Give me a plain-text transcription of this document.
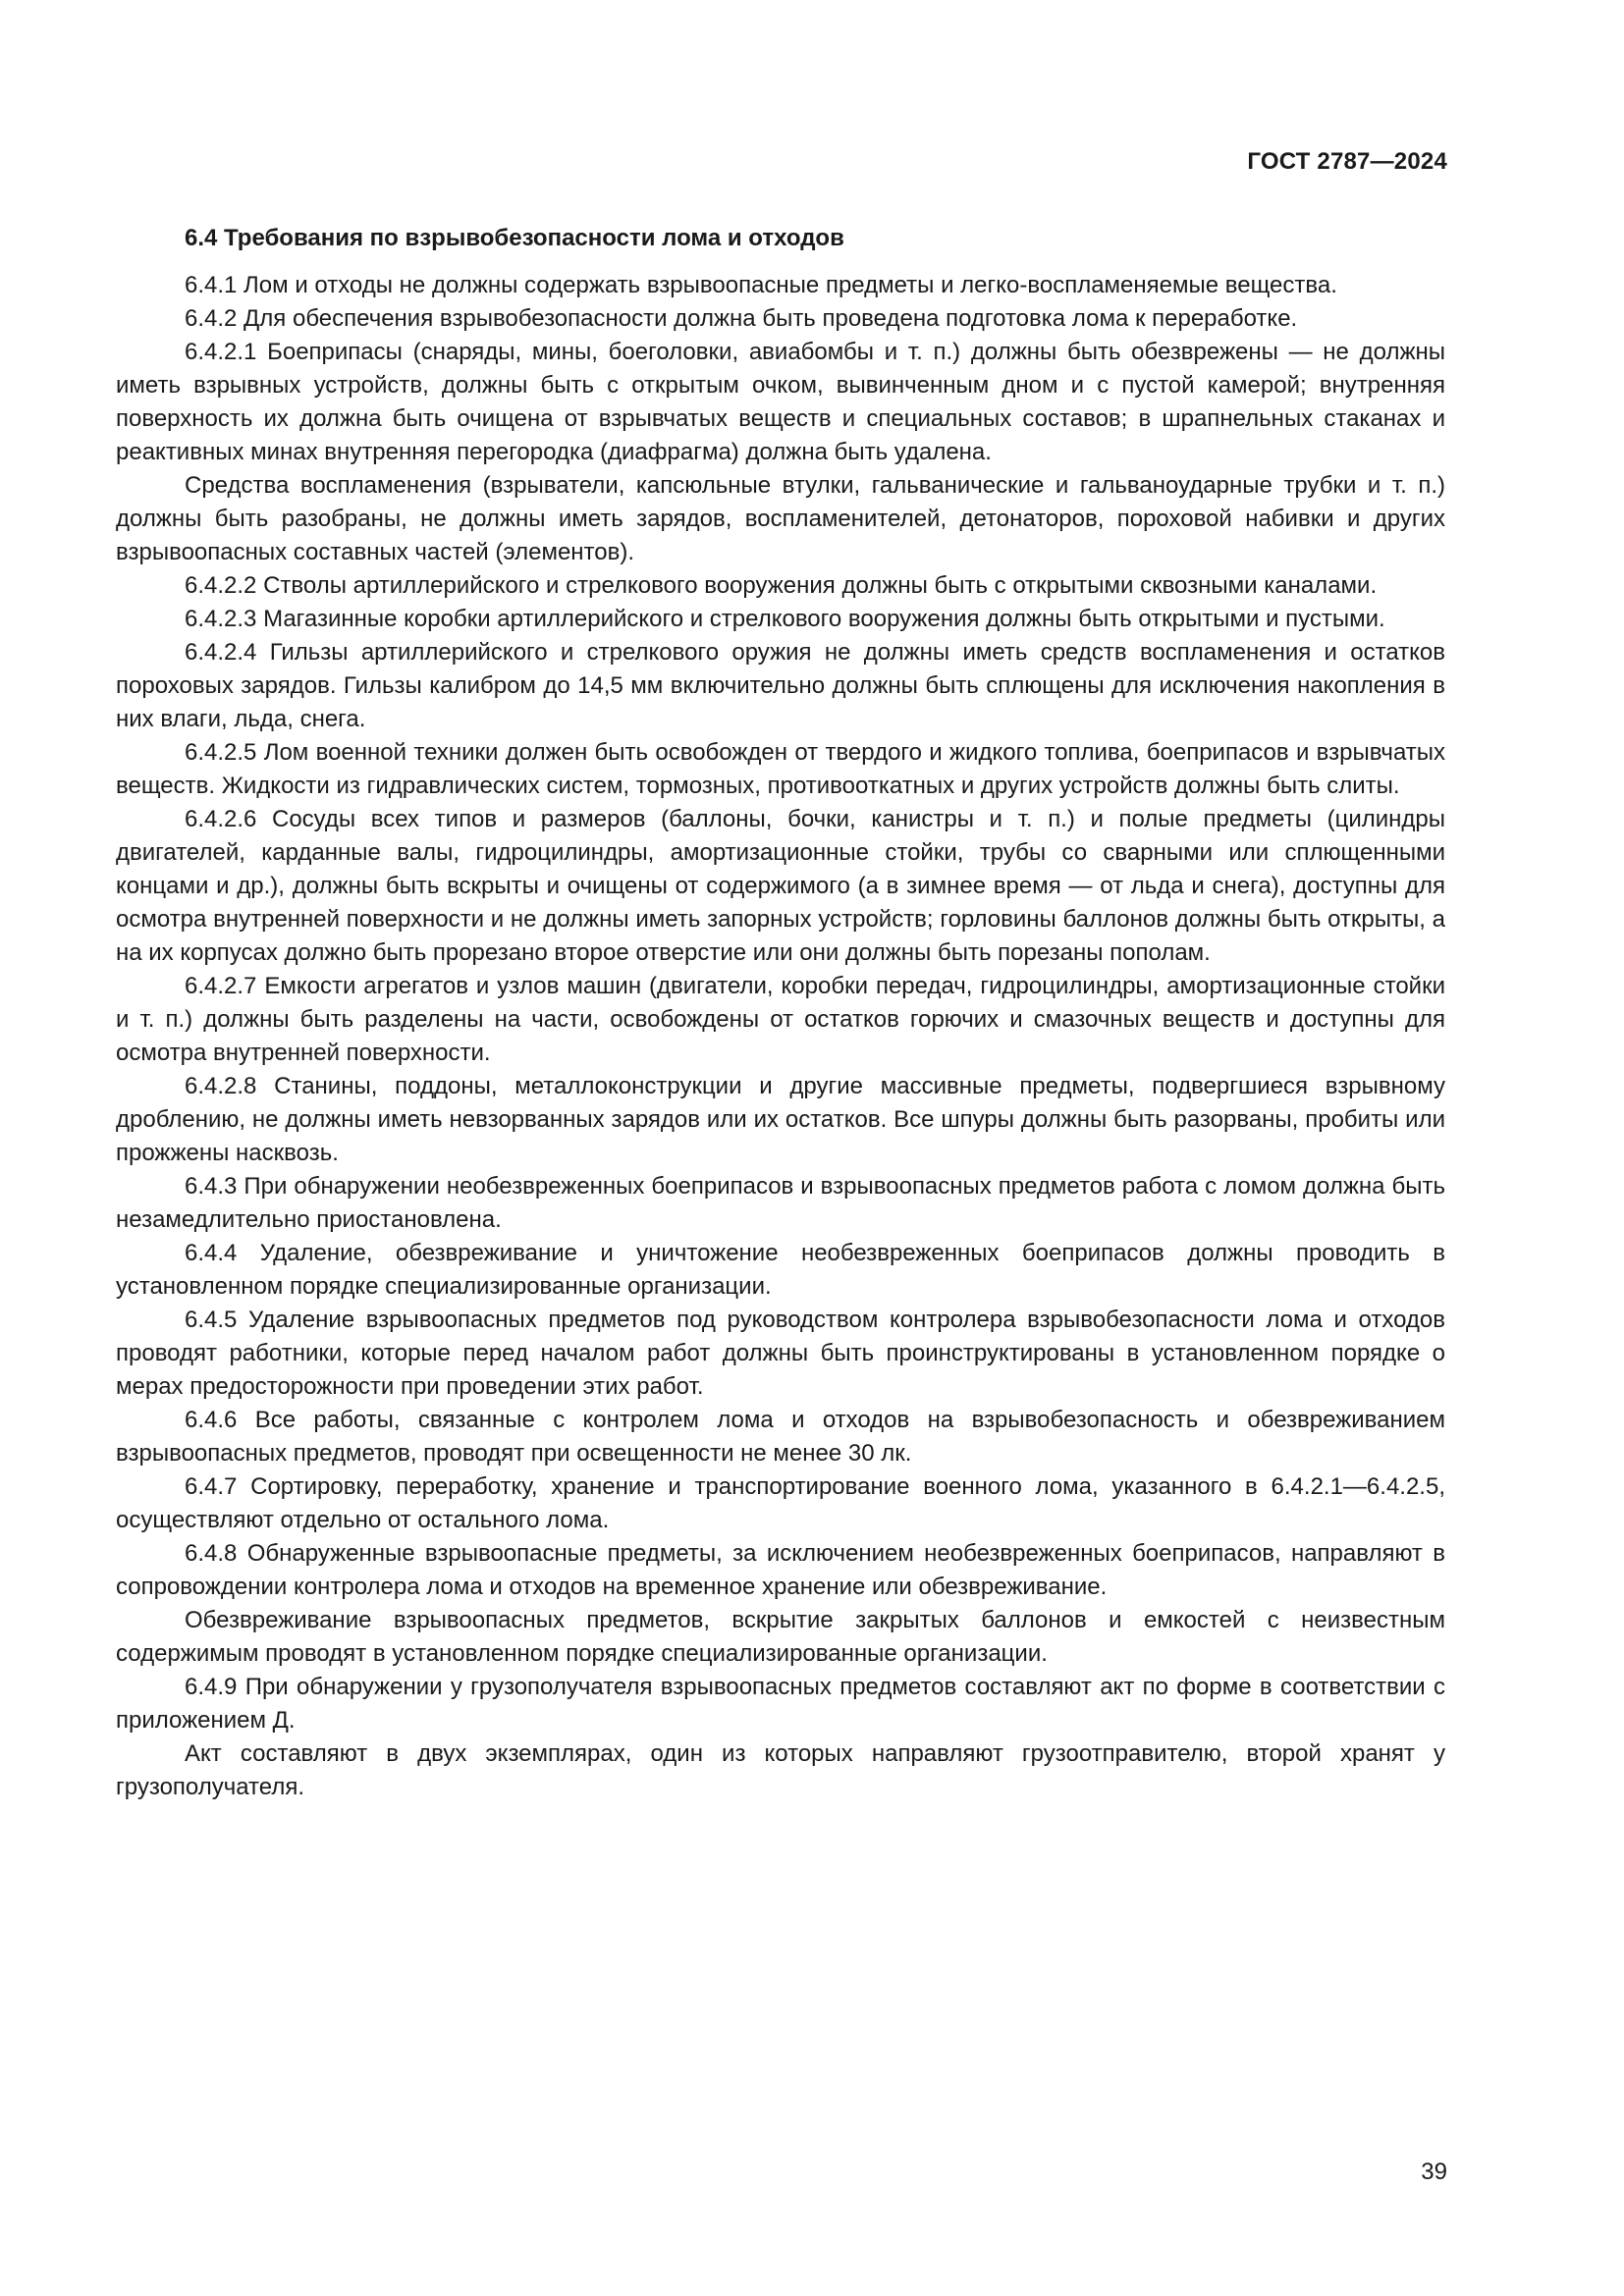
ГОСТ 2787—2024
6.4 Требования по взрывобезопасности лома и отходов

6.4.1 Лом и отходы не должны содержать взрывоопасные предметы и легко-воспламеняемые вещества.

6.4.2 Для обеспечения взрывобезопасности должна быть проведена подготовка лома к переработке.

6.4.2.1 Боеприпасы (снаряды, мины, боеголовки, авиабомбы и т. п.) должны быть обезврежены — не должны иметь взрывных устройств, должны быть с открытым очком, вывинченным дном и с пустой камерой; внутренняя поверхность их должна быть очищена от взрывчатых веществ и специальных составов; в шрапнельных стаканах и реактивных минах внутренняя перегородка (диафрагма) должна быть удалена.

Средства воспламенения (взрыватели, капсюльные втулки, гальванические и гальваноударные трубки и т. п.) должны быть разобраны, не должны иметь зарядов, воспламенителей, детонаторов, пороховой набивки и других взрывоопасных составных частей (элементов).

6.4.2.2 Стволы артиллерийского и стрелкового вооружения должны быть с открытыми сквозными каналами.

6.4.2.3 Магазинные коробки артиллерийского и стрелкового вооружения должны быть открытыми и пустыми.

6.4.2.4 Гильзы артиллерийского и стрелкового оружия не должны иметь средств воспламенения и остатков пороховых зарядов. Гильзы калибром до 14,5 мм включительно должны быть сплющены для исключения накопления в них влаги, льда, снега.

6.4.2.5 Лом военной техники должен быть освобожден от твердого и жидкого топлива, боеприпасов и взрывчатых веществ. Жидкости из гидравлических систем, тормозных, противооткатных и других устройств должны быть слиты.

6.4.2.6 Сосуды всех типов и размеров (баллоны, бочки, канистры и т. п.) и полые предметы (цилиндры двигателей, карданные валы, гидроцилиндры, амортизационные стойки, трубы со сварными или сплющенными концами и др.), должны быть вскрыты и очищены от содержимого (а в зимнее время — от льда и снега), доступны для осмотра внутренней поверхности и не должны иметь запорных устройств; горловины баллонов должны быть открыты, а на их корпусах должно быть прорезано второе отверстие или они должны быть порезаны пополам.

6.4.2.7 Емкости агрегатов и узлов машин (двигатели, коробки передач, гидроцилиндры, амортизационные стойки и т. п.) должны быть разделены на части, освобождены от остатков горючих и смазочных веществ и доступны для осмотра внутренней поверхности.

6.4.2.8 Станины, поддоны, металлоконструкции и другие массивные предметы, подвергшиеся взрывному дроблению, не должны иметь невзорванных зарядов или их остатков. Все шпуры должны быть разорваны, пробиты или прожжены насквозь.

6.4.3 При обнаружении необезвреженных боеприпасов и взрывоопасных предметов работа с ломом должна быть незамедлительно приостановлена.

6.4.4 Удаление, обезвреживание и уничтожение необезвреженных боеприпасов должны проводить в установленном порядке специализированные организации.

6.4.5 Удаление взрывоопасных предметов под руководством контролера взрывобезопасности лома и отходов проводят работники, которые перед началом работ должны быть проинструктированы в установленном порядке о мерах предосторожности при проведении этих работ.

6.4.6 Все работы, связанные с контролем лома и отходов на взрывобезопасность и обезвреживанием взрывоопасных предметов, проводят при освещенности не менее 30 лк.

6.4.7 Сортировку, переработку, хранение и транспортирование военного лома, указанного в 6.4.2.1—6.4.2.5, осуществляют отдельно от остального лома.

6.4.8 Обнаруженные взрывоопасные предметы, за исключением необезвреженных боеприпасов, направляют в сопровождении контролера лома и отходов на временное хранение или обезвреживание.

Обезвреживание взрывоопасных предметов, вскрытие закрытых баллонов и емкостей с неизвестным содержимым проводят в установленном порядке специализированные организации.

6.4.9 При обнаружении у грузополучателя взрывоопасных предметов составляют акт по форме в соответствии с приложением Д.

Акт составляют в двух экземплярах, один из которых направляют грузоотправителю, второй хранят у грузополучателя.

39
